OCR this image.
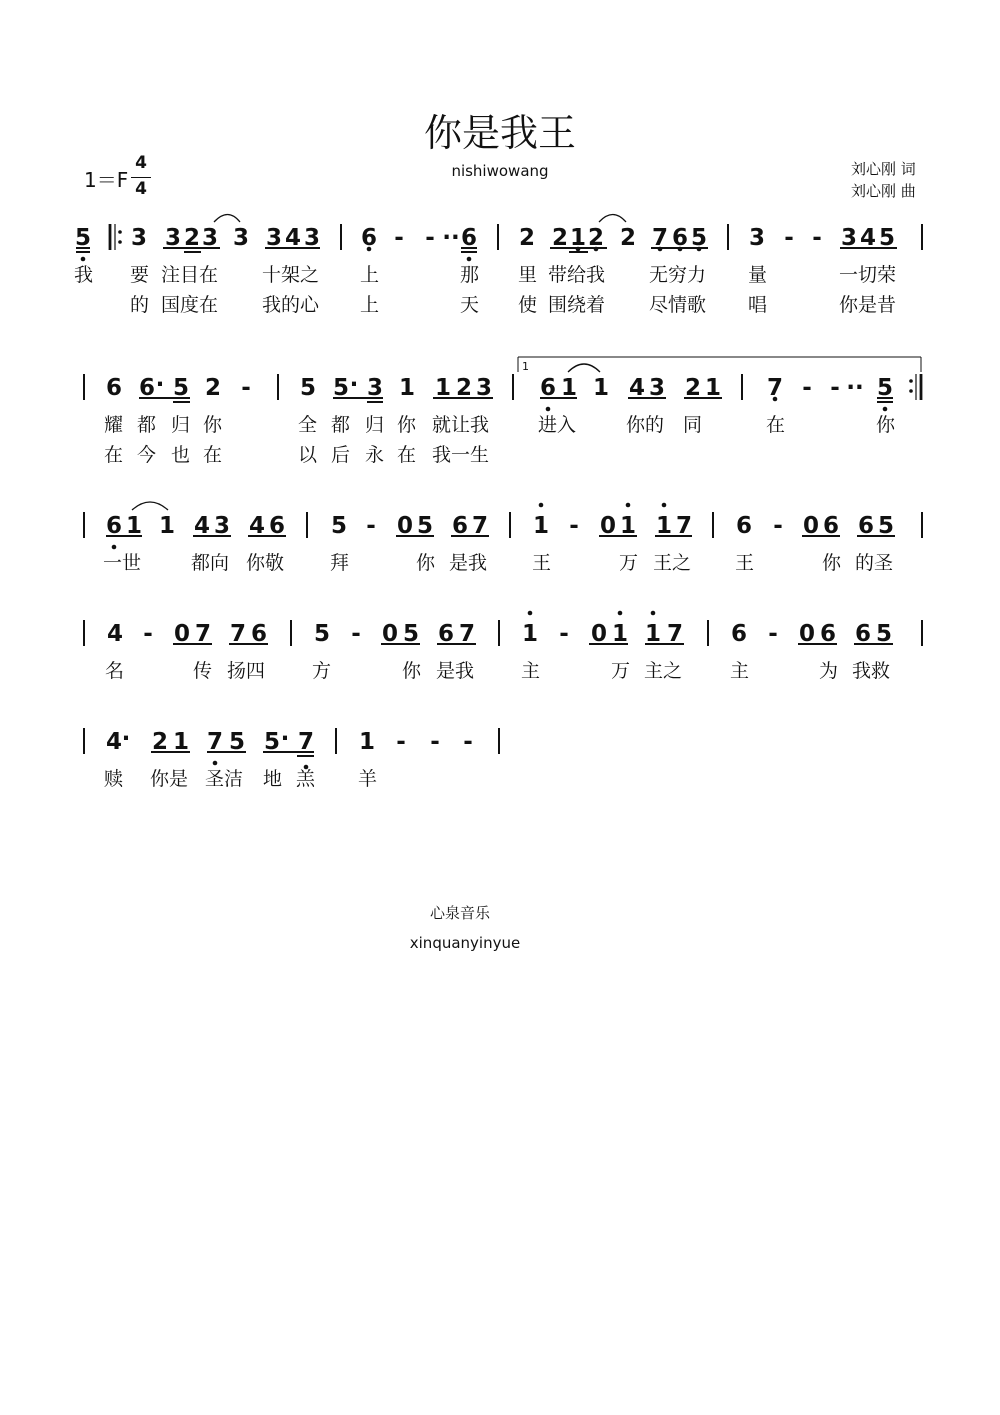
你是我王
nishiwowang
1＝F
4
4
刘心刚 词
刘心刚 曲
5 3 3 2 3 3 3 4 3 6 - - 6 2 2 1 2 2 7 6 5 3 - - 3 4 5
··
我 要 注目在 十架之 上	那 里 带给我 无穷力 量	一切荣
的 国度在 我的心 上	天 使 围绕着 尽情歌 唱	你是昔
6 6 5 2 - 5 5 3 1 1 2 3 6 1 1 4 3 2 1 7 - - 5
·	·	··
1
耀 都 归 你	全 都 归 你 就让我	进入	你的 同	在	你
在 今 也 在	以 后 永 在 我一生
6 1 1 4 3 4 6 5 - 0 5 6 7 1 - 0 1 1 7 6 - 0 6 6 5
一世	都向 你敬 拜	你 是我 王	万 王之 王	你 的圣
4 - 0 7 7 6 5 - 0 5 6 7 1 - 0 1 1 7 6 - 0 6 6 5
名	传 扬四 方	你 是我 主	万 主之	主	为 我救
4 2 1 7 5 5 7 1 - - -
·	·
赎 你是 圣洁 地 羔 羊
心泉音乐
xinquanyinyue
